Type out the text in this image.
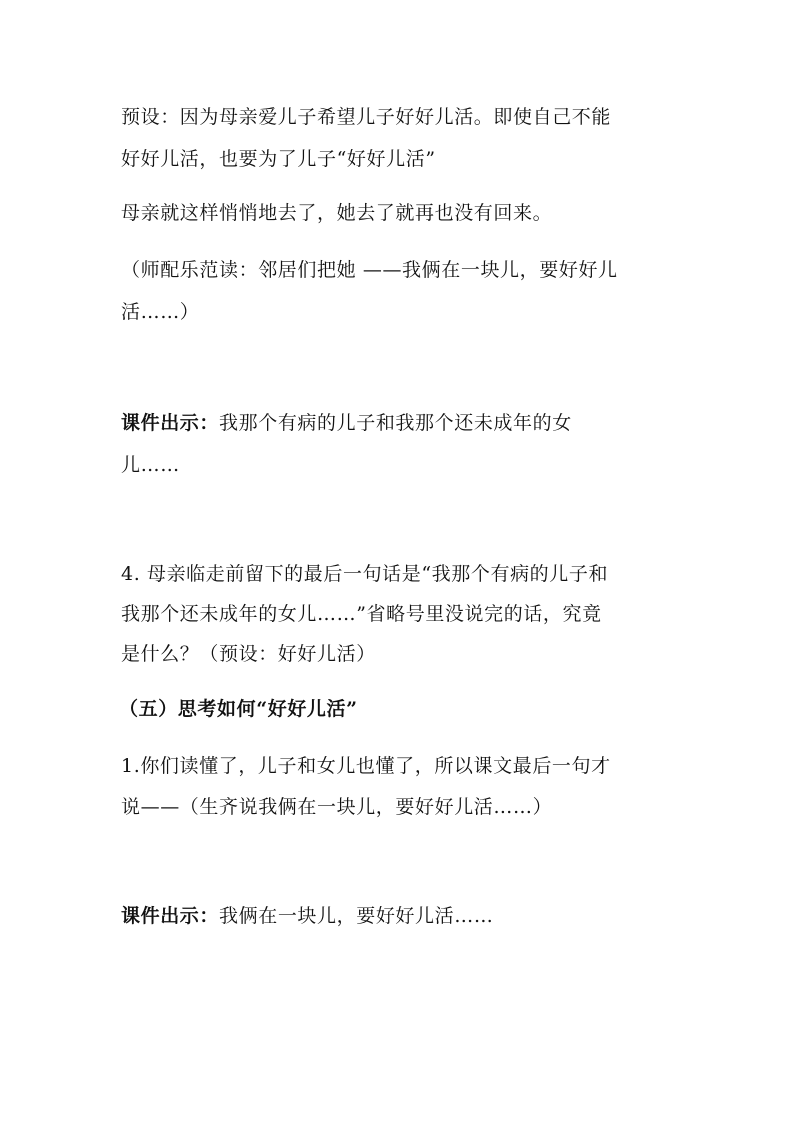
预设：因为母亲爱儿子希望儿子好好儿活。即使自己不能
好好儿活，也要为了儿子“好好儿活”
母亲就这样悄悄地去了，她去了就再也没有回来。
（师配乐范读：邻居们把她 ——我俩在一块儿，要好好儿
活……）
课件出示：我那个有病的儿子和我那个还未成年的女
儿……
4. 母亲临走前留下的最后一句话是“我那个有病的儿子和
我那个还未成年的女儿……”省略号里没说完的话，究竟
是什么？（预设：好好儿活）
（五）思考如何“好好儿活”
1.你们读懂了，儿子和女儿也懂了，所以课文最后一句才
说——（生齐说我俩在一块儿，要好好儿活……）
课件出示：我俩在一块儿，要好好儿活……
